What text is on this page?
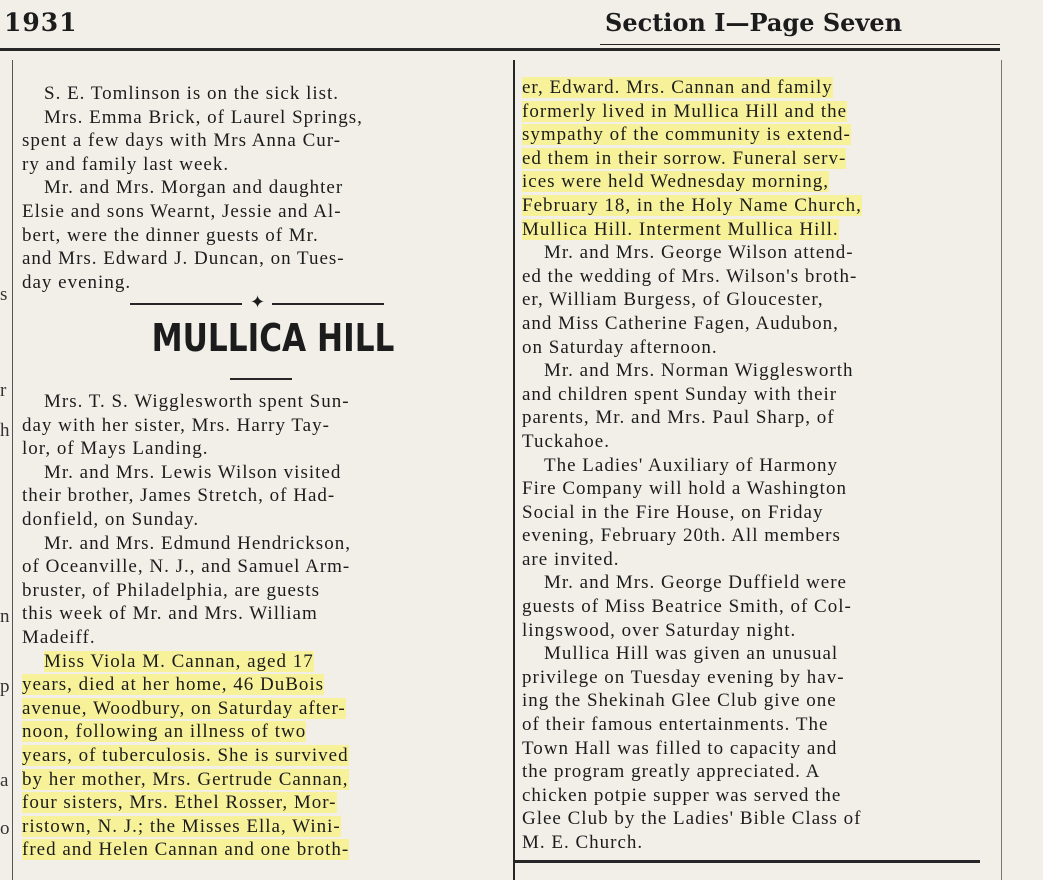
1931	Section I—Page Seven
s
r
h
n
p
a
o

S. E. Tomlinson is on the sick list.

Mrs. Emma Brick, of Laurel Springs,

spent a few days with Mrs Anna Cur-

ry and family last week.

Mr. and Mrs. Morgan and daughter

Elsie and sons Wearnt, Jessie and Al-

bert, were the dinner guests of Mr.

and Mrs. Edward J. Duncan, on Tues-

day evening.

✦
MULLICA HILL

Mrs. T. S. Wigglesworth spent Sun-

day with her sister, Mrs. Harry Tay-

lor, of Mays Landing.

Mr. and Mrs. Lewis Wilson visited

their brother, James Stretch, of Had-

donfield, on Sunday.

Mr. and Mrs. Edmund Hendrickson,

of Oceanville, N. J., and Samuel Arm-

bruster, of Philadelphia, are guests

this week of Mr. and Mrs. William

Madeiff.

Miss Viola M. Cannan, aged 17

years, died at her home, 46 DuBois

avenue, Woodbury, on Saturday after-

noon, following an illness of two

years, of tuberculosis. She is survived

by her mother, Mrs. Gertrude Cannan,

four sisters, Mrs. Ethel Rosser, Mor-

ristown, N. J.; the Misses Ella, Wini-

fred and Helen Cannan and one broth-

er, Edward. Mrs. Cannan and family

formerly lived in Mullica Hill and the

sympathy of the community is extend-

ed them in their sorrow. Funeral serv-

ices were held Wednesday morning,

February 18, in the Holy Name Church,

Mullica Hill. Interment Mullica Hill.

Mr. and Mrs. George Wilson attend-

ed the wedding of Mrs. Wilson's broth-

er, William Burgess, of Gloucester,

and Miss Catherine Fagen, Audubon,

on Saturday afternoon.

Mr. and Mrs. Norman Wigglesworth

and children spent Sunday with their

parents, Mr. and Mrs. Paul Sharp, of

Tuckahoe.

The Ladies' Auxiliary of Harmony

Fire Company will hold a Washington

Social in the Fire House, on Friday

evening, February 20th. All members

are invited.

Mr. and Mrs. George Duffield were

guests of Miss Beatrice Smith, of Col-

lingswood, over Saturday night.

Mullica Hill was given an unusual

privilege on Tuesday evening by hav-

ing the Shekinah Glee Club give one

of their famous entertainments. The

Town Hall was filled to capacity and

the program greatly appreciated. A

chicken potpie supper was served the

Glee Club by the Ladies' Bible Class of

M. E. Church.
